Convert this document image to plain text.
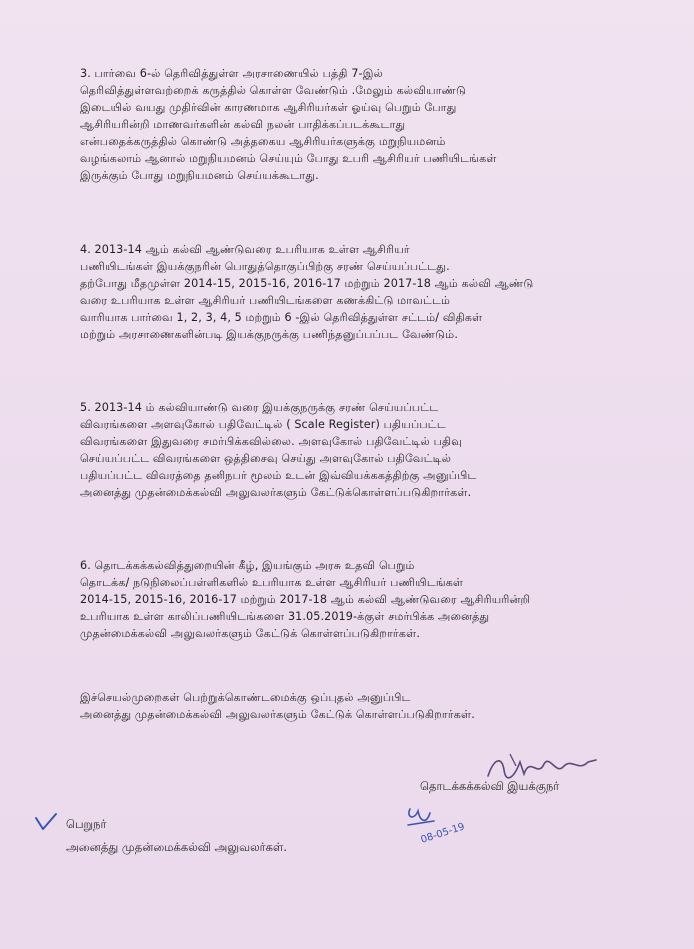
3. பார்வை 6-ல் தெரிவித்துள்ள அரசாணையில் பத்தி 7-இல்
தெரிவித்துள்ளவற்றைக் கருத்தில் கொள்ள வேண்டும் .மேலும் கல்வியாண்டு
இடையில் வயது முதிர்வின் காரணமாக ஆசிரியர்கள் ஓய்வு பெறும் போது
ஆசிரியரின்றி மாணவர்களின் கல்வி நலன் பாதிக்கப்படக்கூடாது
என்பதைக்கருத்தில் கொண்டு அத்தகைய ஆசிரியர்களுக்கு மறுநியமனம்
வழங்கலாம் ஆனால் மறுநியமனம் செய்யும் போது உபரி ஆசிரியர் பணியிடங்கள்
இருக்கும் போது மறுநியமனம் செய்யக்கூடாது.
4. 2013-14 ஆம் கல்வி ஆண்டுவரை உபரியாக உள்ள ஆசிரியர்
பணியிடங்கள் இயக்குநரின் பொதுத்தொகுப்பிற்கு சரண் செய்யப்பட்டது.
தற்போது மீதமுள்ள 2014-15, 2015-16, 2016-17 மற்றும் 2017-18 ஆம் கல்வி ஆண்டு
வரை உபரியாக உள்ள ஆசிரியர் பணியிடங்களை கணக்கிட்டு மாவட்டம்
வாரியாக பார்வை 1, 2, 3, 4, 5 மற்றும் 6 -இல் தெரிவித்துள்ள சட்டம்/ விதிகள்
மற்றும் அரசாணைகளின்படி இயக்குநருக்கு பணிந்தனுப்பப்பட வேண்டும்.
5. 2013-14 ம் கல்வியாண்டு வரை இயக்குநருக்கு சரண் செய்யப்பட்ட
விவரங்களை அளவுகோல் பதிவேட்டில் ( Scale Register) பதியப்பட்ட
விவரங்களை இதுவரை சமர்பிக்கவில்லை. அளவுகோல் பதிவேட்டில் பதிவு
செய்யப்பட்ட விவரங்களை ஒத்திசைவு செய்து அளவுகோல் பதிவேட்டில்
பதியப்பட்ட விவரத்தை தனிநபர் மூலம் உடன் இவ்வியக்ககத்திற்கு அனுப்பிட
அனைத்து முதன்மைக்கல்வி அலுவலர்களும் கேட்டுக்கொள்ளப்படுகிறார்கள்.
6. தொடக்கக்கல்வித்துறையின் கீழ், இயங்கும் அரசு உதவி பெறும்
தொடக்க/ நடுநிலைப்பள்ளிகளில் உபரியாக உள்ள ஆசிரியர் பணியிடங்கள்
2014-15, 2015-16, 2016-17 மற்றும் 2017-18 ஆம் கல்வி ஆண்டுவரை ஆசிரியரின்றி
உபரியாக உள்ள காலிப்பணியிடங்களை 31.05.2019-க்குள் சமர்பிக்க அனைத்து
முதன்மைக்கல்வி அலுவலர்களும் கேட்டுக் கொள்ளப்படுகிறார்கள்.
இச்செயல்முறைகள் பெற்றுக்கொண்டமைக்கு ஒப்புதல் அனுப்பிட
அனைத்து முதன்மைக்கல்வி அலுவலர்களும் கேட்டுக் கொள்ளப்படுகிறார்கள்.
தொடக்கக்கல்வி இயக்குநர்
பெறுநர்
அனைத்து முதன்மைக்கல்வி அலுவலர்கள்.
08-05-19
